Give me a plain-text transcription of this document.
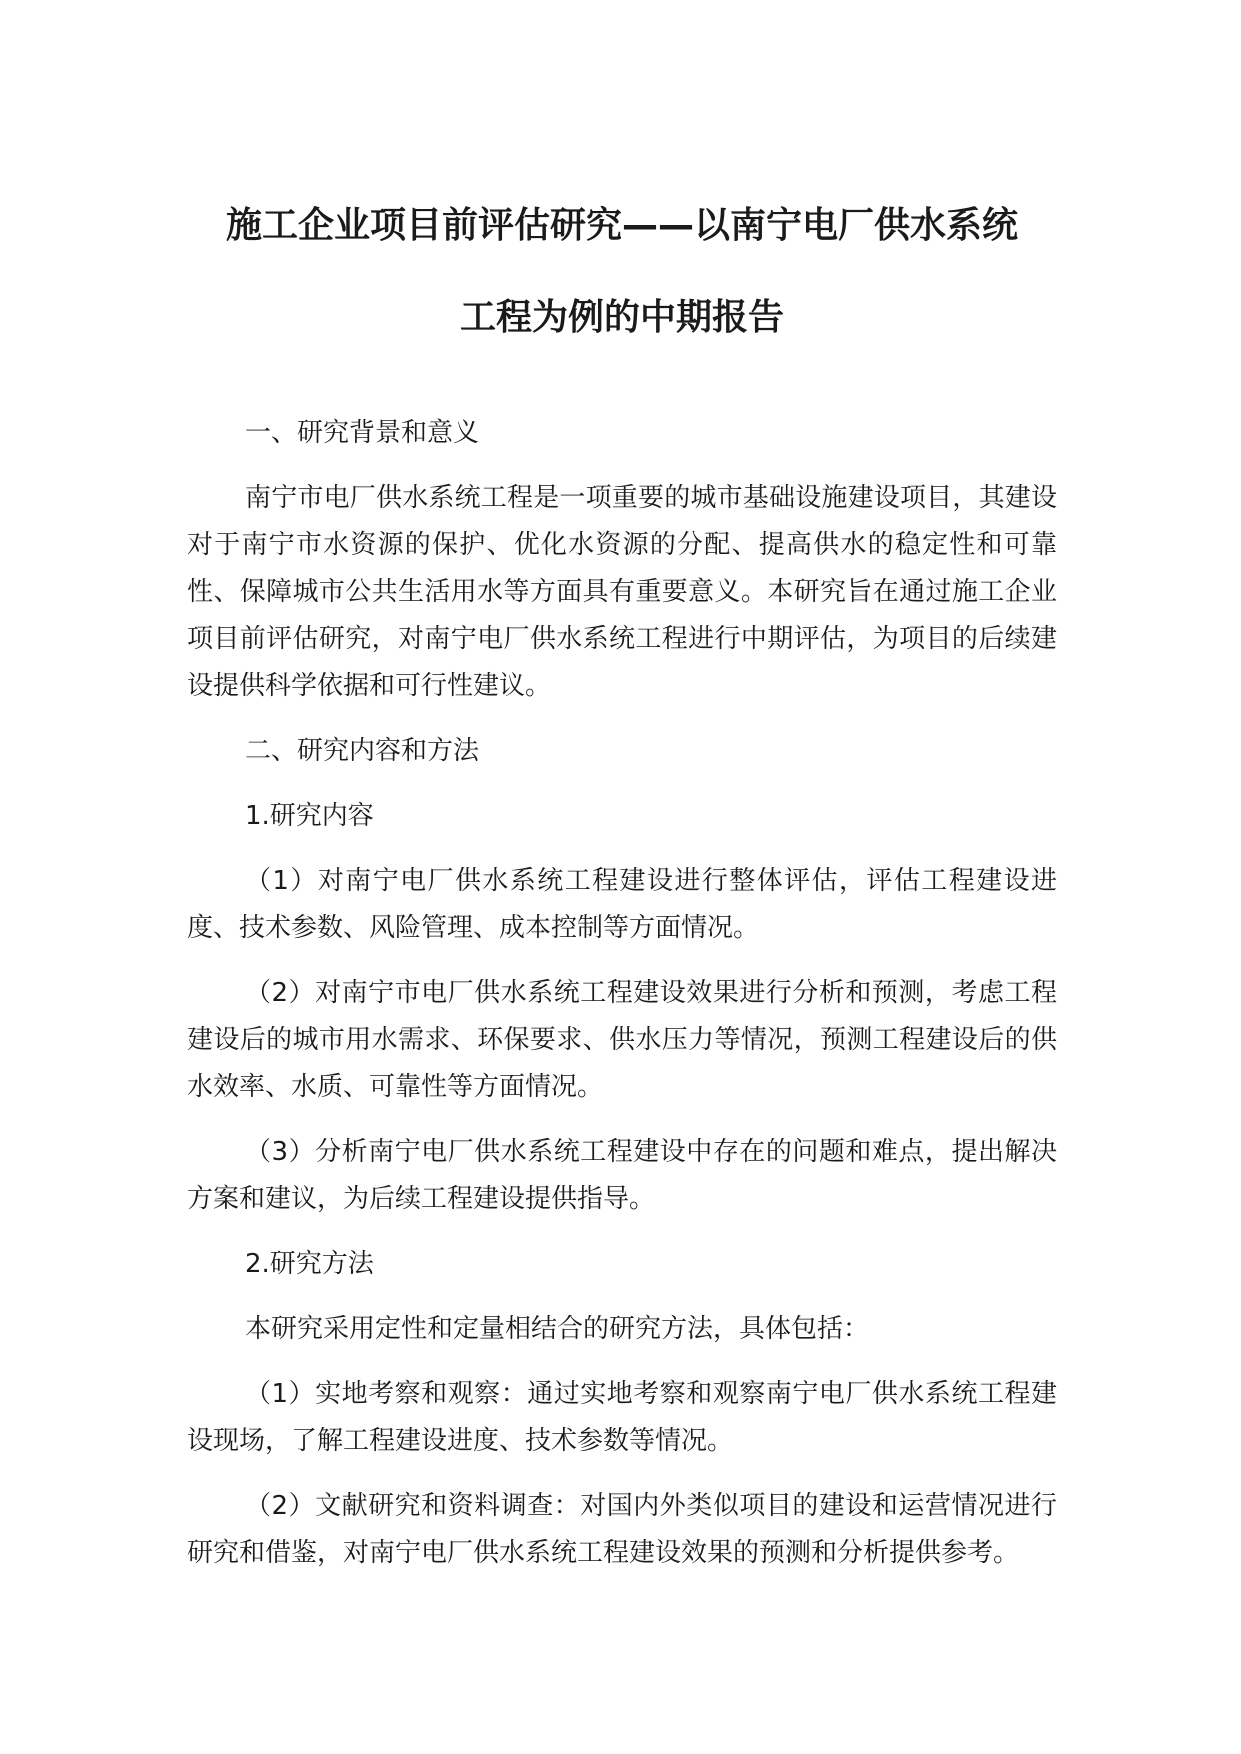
施工企业项目前评估研究——以南宁电厂供水系统
工程为例的中期报告

一、研究背景和意义

南宁市电厂供水系统工程是一项重要的城市基础设施建设项目，其建设对于南宁市水资源的保护、优化水资源的分配、提高供水的稳定性和可靠性、保障城市公共生活用水等方面具有重要意义。本研究旨在通过施工企业项目前评估研究，对南宁电厂供水系统工程进行中期评估，为项目的后续建设提供科学依据和可行性建议。

二、研究内容和方法

1.研究内容

（1）对南宁电厂供水系统工程建设进行整体评估，评估工程建设进度、技术参数、风险管理、成本控制等方面情况。

（2）对南宁市电厂供水系统工程建设效果进行分析和预测，考虑工程建设后的城市用水需求、环保要求、供水压力等情况，预测工程建设后的供水效率、水质、可靠性等方面情况。

（3）分析南宁电厂供水系统工程建设中存在的问题和难点，提出解决方案和建议，为后续工程建设提供指导。

2.研究方法

本研究采用定性和定量相结合的研究方法，具体包括：

（1）实地考察和观察：通过实地考察和观察南宁电厂供水系统工程建设现场，了解工程建设进度、技术参数等情况。

（2）文献研究和资料调查：对国内外类似项目的建设和运营情况进行研究和借鉴，对南宁电厂供水系统工程建设效果的预测和分析提供参考。
